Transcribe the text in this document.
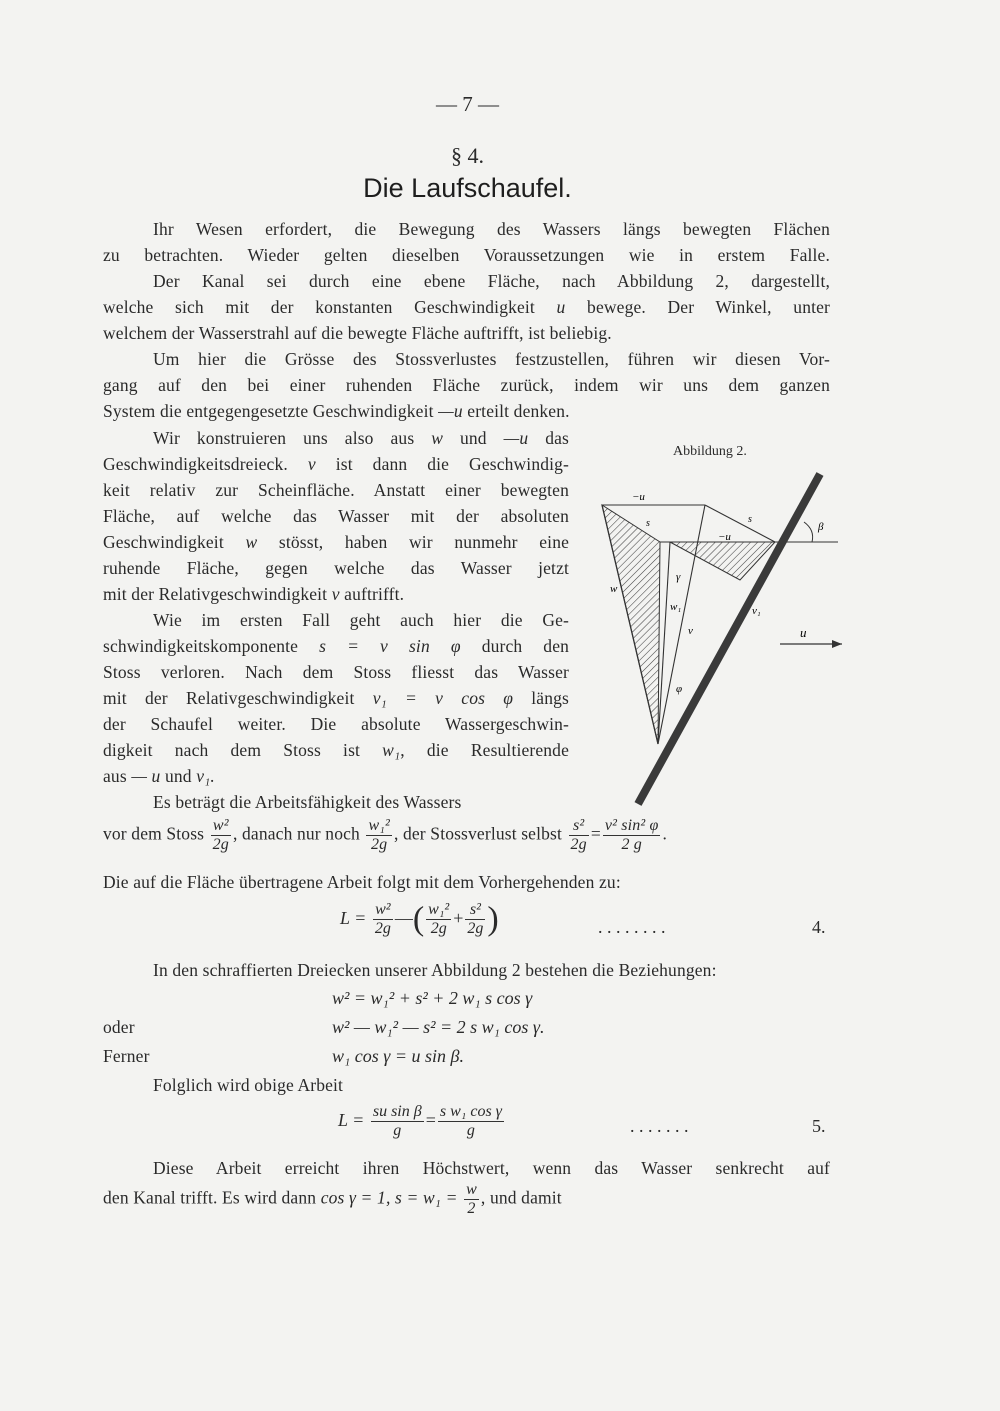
— 7 —
§ 4.
Die Laufschaufel.
Ihr Wesen erfordert, die Bewegung des Wassers längs bewegten Flächen
zu betrachten. Wieder gelten dieselben Voraussetzungen wie in erstem Falle.
Der Kanal sei durch eine ebene Fläche, nach Abbildung 2, dargestellt,
welche sich mit der konstanten Geschwindigkeit u bewege. Der Winkel, unter
welchem der Wasserstrahl auf die bewegte Fläche auftrifft, ist beliebig.
Um hier die Grösse des Stossverlustes festzustellen, führen wir diesen Vor-
gang auf den bei einer ruhenden Fläche zurück, indem wir uns dem ganzen
System die entgegengesetzte Geschwindigkeit —u erteilt denken.
Wir konstruieren uns also aus w und —u das
Geschwindigkeitsdreieck. v ist dann die Geschwindig-
keit relativ zur Scheinfläche. Anstatt einer bewegten
Fläche, auf welche das Wasser mit der absoluten
Geschwindigkeit w stösst, haben wir nunmehr eine
ruhende Fläche, gegen welche das Wasser jetzt
mit der Relativgeschwindigkeit v auftrifft.
Wie im ersten Fall geht auch hier die Ge-
schwindigkeitskomponente s = v sin φ durch den
Stoss verloren. Nach dem Stoss fliesst das Wasser
mit der Relativgeschwindigkeit v₁ = v cos φ längs
der Schaufel weiter. Die absolute Wassergeschwin-
digkeit nach dem Stoss ist w₁, die Resultierende
aus — u und v₁.
Es beträgt die Arbeitsfähigkeit des Wassers
vor dem Stoss $\frac{\text{w²}}{2g}$ , danach nur noch $\frac{\text{w₁²}}{2g}$ , der Stossverlust selbst $\frac{\text{s²}}{2g} = \frac{\text{v² sin² φ}}{2 g}$ .
Die auf die Fläche übertragene Arbeit folgt mit dem Vorhergehenden zu:
$L = \frac{\text{w²}}{2g}$ —( $\frac{\text{w₁²}}{2g} + \frac{\text{s²}}{2g}$ )	. . . . . . . .	4.
In den schraffierten Dreiecken unserer Abbildung 2 bestehen die Beziehungen:
w² = w₁² + s² + 2 w₁ s cos γ
oder	w² — w₁² — s² = 2 s w₁ cos γ.
Ferner	w₁ cos γ = u sin β.
Folglich wird obige Arbeit
$L = \frac{\text{su sin β}}{g} = \frac{\text{s w₁ cos γ}}{g}$	. . . . . . .	5.
Diese Arbeit erreicht ihren Höchstwert, wenn das Wasser senkrecht auf
den Kanal trifft. Es wird dann cos γ = 1, $s = w_1 = \frac{w}{2}$ , und damit
Abbildung 2.
−u
−u
s	s
β
γ
w
w₁
v
v₁
φ
u
